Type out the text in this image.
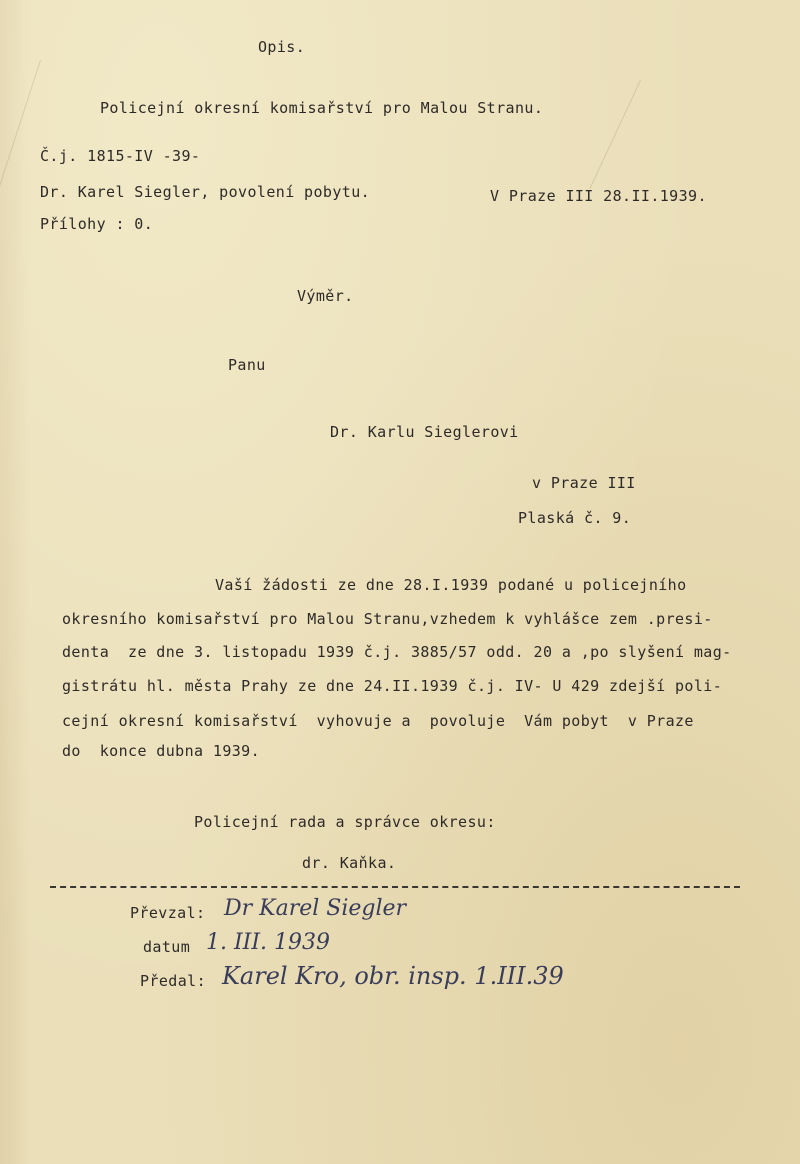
Opis.
Policejní okresní komisařství pro Malou Stranu.
Č.j. 1815-IV -39-
Dr. Karel Siegler, povolení pobytu.	V Praze III 28.II.1939.
Přílohy : 0.
Výměr.
Panu
Dr. Karlu Sieglerovi
v Praze III
Plaská č. 9.
Vaší žádosti ze dne 28.I.1939 podané u policejního
okresního komisařství pro Malou Stranu,vzhedem k vyhlášce zem .presi-
denta  ze dne 3. listopadu 1939 č.j. 3885/57 odd. 20 a ,po slyšení mag-
gistrátu hl. města Prahy ze dne 24.II.1939 č.j. IV- U 429 zdejší poli-
cejní okresní komisařství  vyhovuje a  povoluje  Vám pobyt  v Praze
do  konce dubna 1939.
Policejní rada a správce okresu:
dr. Kaňka.
Převzal: Dr Karel Siegler
datum 1. III. 1939
Předal: Karel Kro, obr. insp. 1.III.39
